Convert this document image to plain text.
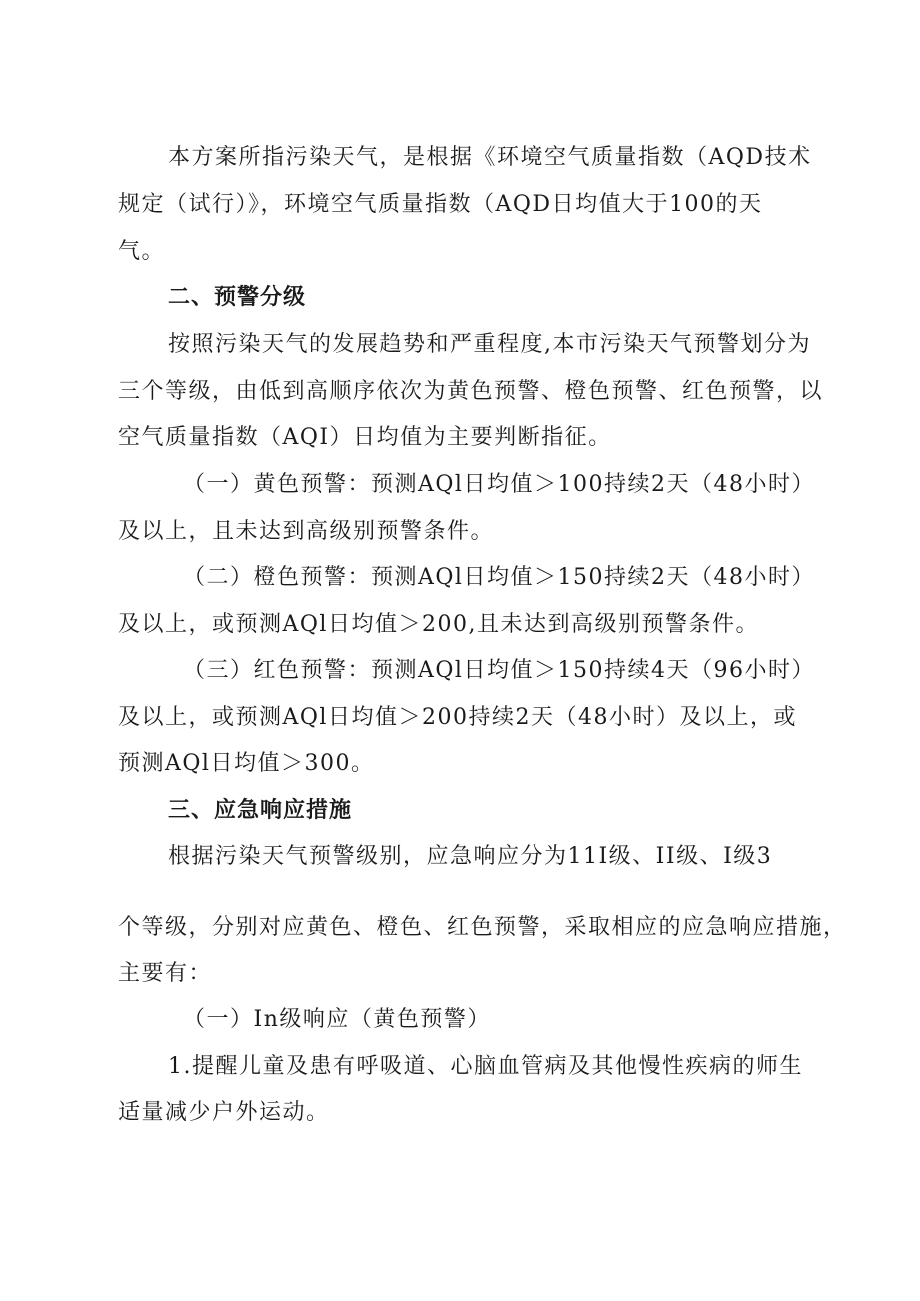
本方案所指污染天气，是根据《环境空气质量指数（AQD技术
规定（试行）》，环境空气质量指数（AQD日均值大于100的天
气。
二、预警分级
按照污染天气的发展趋势和严重程度,本市污染天气预警划分为
三个等级，由低到高顺序依次为黄色预警、橙色预警、红色预警，以
空气质量指数（AQI）日均值为主要判断指征。
（一）黄色预警：预测AQl日均值＞100持续2天（48小时）
及以上，且未达到高级别预警条件。
（二）橙色预警：预测AQl日均值＞150持续2天（48小时）
及以上，或预测AQl日均值＞200,且未达到高级别预警条件。
（三）红色预警：预测AQl日均值＞150持续4天（96小时）
及以上，或预测AQl日均值＞200持续2天（48小时）及以上，或
预测AQl日均值＞300。
三、应急响应措施
根据污染天气预警级别，应急响应分为11I级、II级、I级3
个等级，分别对应黄色、橙色、红色预警，采取相应的应急响应措施，
主要有：
（一）In级响应（黄色预警）
1.提醒儿童及患有呼吸道、心脑血管病及其他慢性疾病的师生
适量减少户外运动。
